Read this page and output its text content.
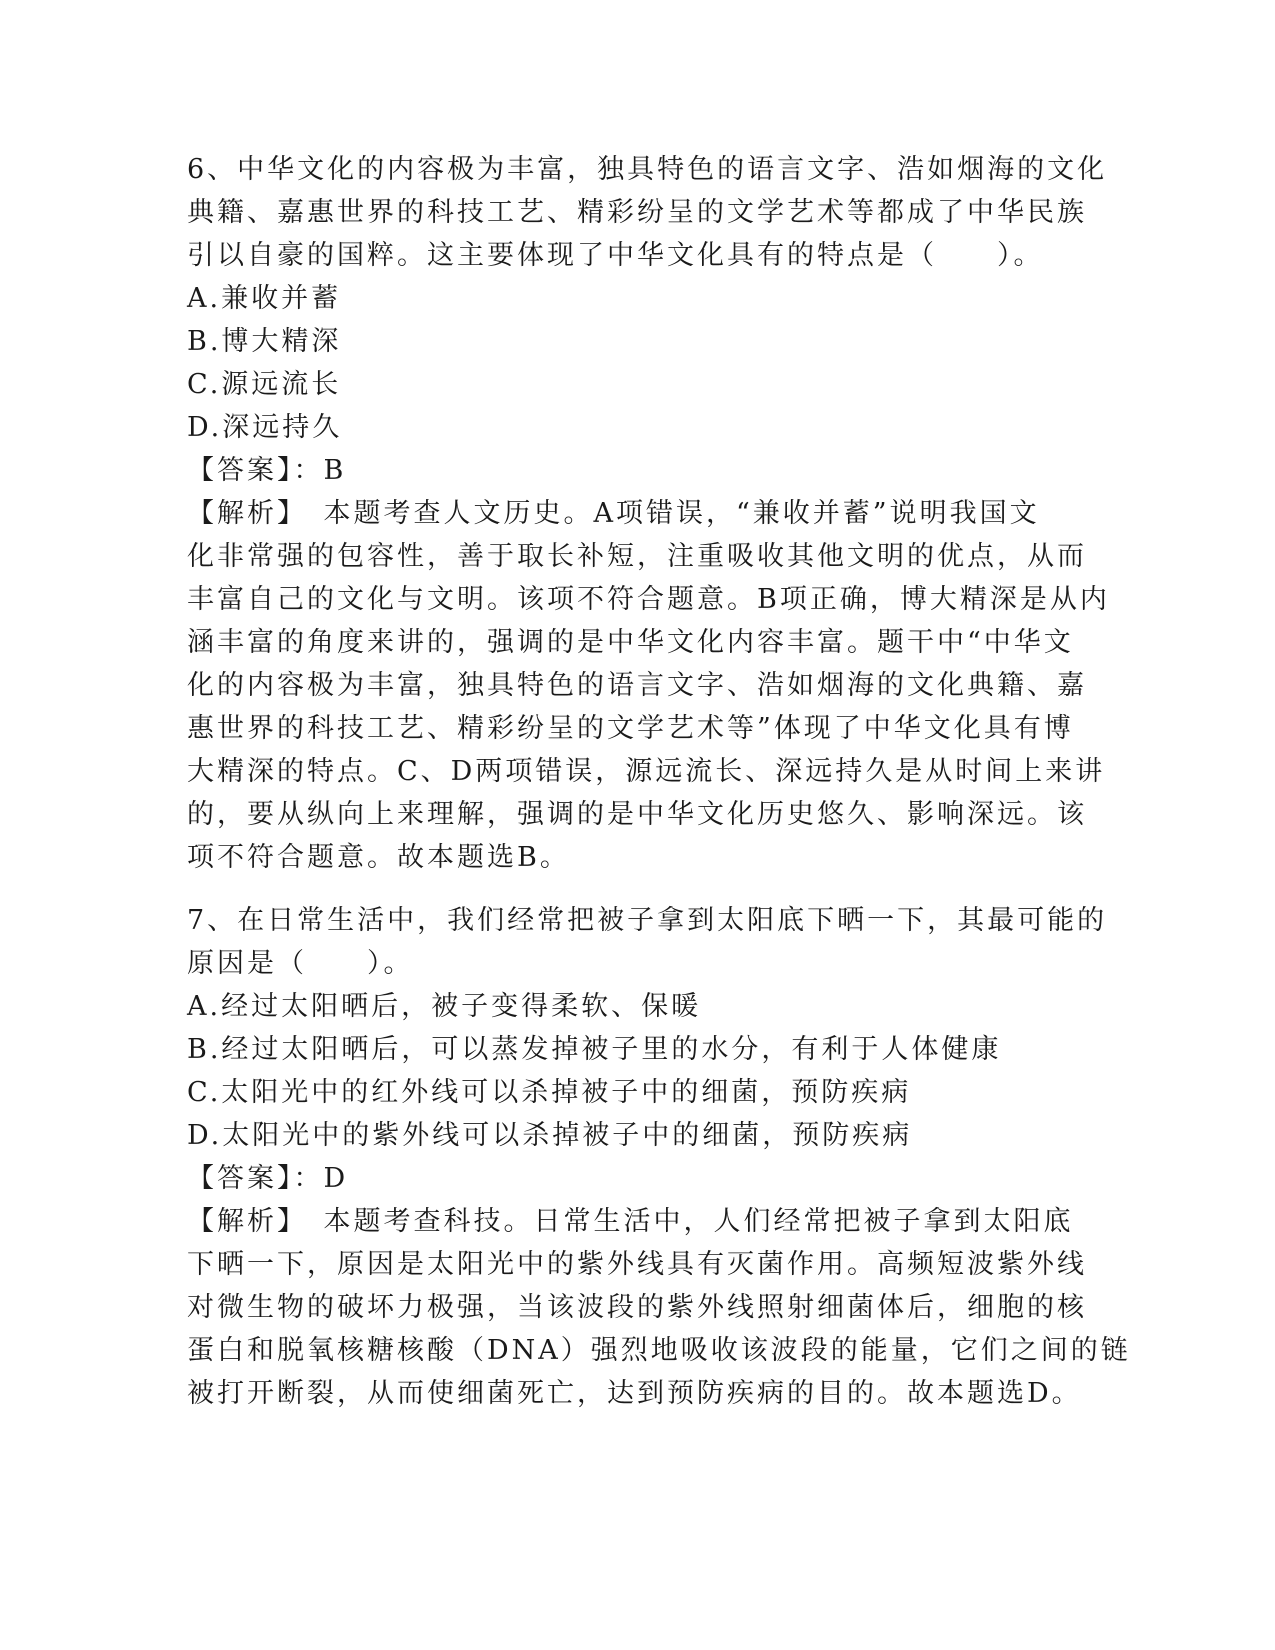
6、中华文化的内容极为丰富，独具特色的语言文字、浩如烟海的文化
典籍、嘉惠世界的科技工艺、精彩纷呈的文学艺术等都成了中华民族
引以自豪的国粹。这主要体现了中华文化具有的特点是（　　）。
A.兼收并蓄
B.博大精深
C.源远流长
D.深远持久
【答案】：B
【解析】　本题考查人文历史。A项错误，“兼收并蓄”说明我国文
化非常强的包容性，善于取长补短，注重吸收其他文明的优点，从而
丰富自己的文化与文明。该项不符合题意。B项正确，博大精深是从内
涵丰富的角度来讲的，强调的是中华文化内容丰富。题干中“中华文
化的内容极为丰富，独具特色的语言文字、浩如烟海的文化典籍、嘉
惠世界的科技工艺、精彩纷呈的文学艺术等”体现了中华文化具有博
大精深的特点。C、D两项错误，源远流长、深远持久是从时间上来讲
的，要从纵向上来理解，强调的是中华文化历史悠久、影响深远。该
项不符合题意。故本题选B。
7、在日常生活中，我们经常把被子拿到太阳底下晒一下，其最可能的
原因是（　　）。
A.经过太阳晒后，被子变得柔软、保暖
B.经过太阳晒后，可以蒸发掉被子里的水分，有利于人体健康
C.太阳光中的红外线可以杀掉被子中的细菌，预防疾病
D.太阳光中的紫外线可以杀掉被子中的细菌，预防疾病
【答案】：D
【解析】　本题考查科技。日常生活中，人们经常把被子拿到太阳底
下晒一下，原因是太阳光中的紫外线具有灭菌作用。高频短波紫外线
对微生物的破坏力极强，当该波段的紫外线照射细菌体后，细胞的核
蛋白和脱氧核糖核酸（DNA）强烈地吸收该波段的能量，它们之间的链
被打开断裂，从而使细菌死亡，达到预防疾病的目的。故本题选D。
